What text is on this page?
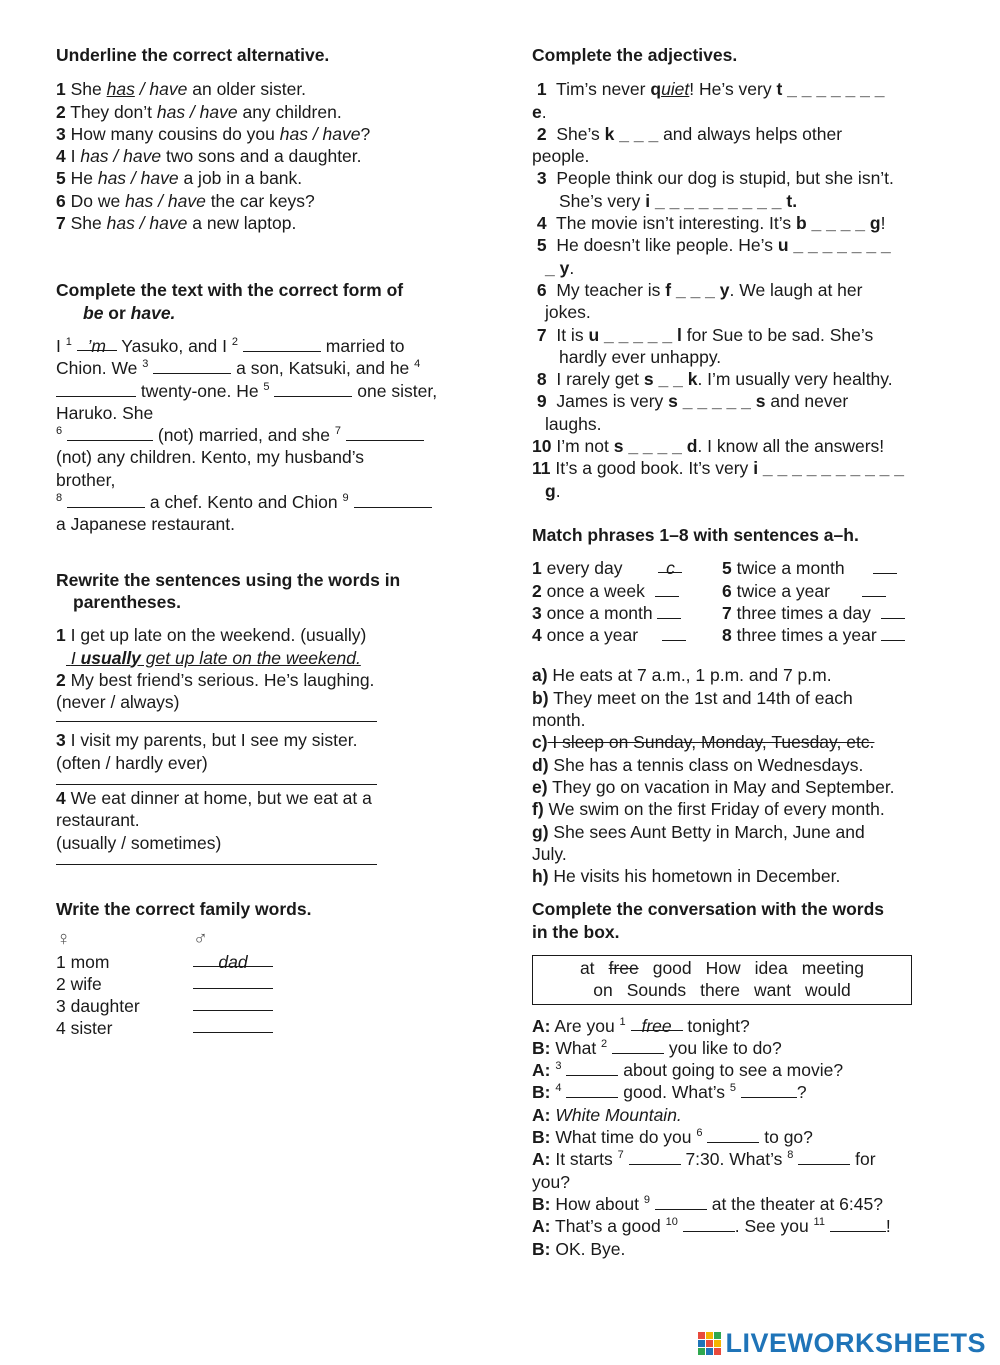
Underline the correct alternative.
1 She has / have an older sister.
2 They don’t has / have any children.
3 How many cousins do you has / have?
4 I has / have two sons and a daughter.
5 He has / have a job in a bank.
6 Do we has / have the car keys?
7 She has / have a new laptop.
Complete the text with the correct form of
be or have.
I $^1$ ’m Yasuko, and I $^2$	married to
Chion. We $^3$	a son, Katsuki, and he $^4$
twenty-one. He $^5$	one sister,
Haruko. She
$^6$	(not) married, and she $^7$
(not) any children. Kento, my husband’s
brother,
$^8$	a chef. Kento and Chion $^9$
a Japanese restaurant.
Rewrite the sentences using the words in
parentheses.
1 I get up late on the weekend. (usually)
I usually get up late on the weekend.
2 My best friend’s serious. He’s laughing.
(never / always)
3 I visit my parents, but I see my sister.
(often / hardly ever)
4 We eat dinner at home, but we eat at a
restaurant.
(usually / sometimes)
Write the correct family words.
♀	♂
1 mom	dad
2 wife
3 daughter
4 sister
Complete the adjectives.
1 Tim’s never quiet! He’s very t _ _ _ _ _ _ _
e.
2 She’s k _ _ _ and always helps other
people.
3 People think our dog is stupid, but she isn’t.
She’s very i _ _ _ _ _ _ _ _ _ t.
4 The movie isn’t interesting. It’s b _ _ _ _ g!
5 He doesn’t like people. He’s u _ _ _ _ _ _ _
_ y.
6 My teacher is f _ _ _ y. We laugh at her
jokes.
7 It is u _ _ _ _ _ l for Sue to be sad. She’s
hardly ever unhappy.
8 I rarely get s _ _ k. I’m usually very healthy.
9 James is very s _ _ _ _ _ s and never
laughs.
10 I’m not s _ _ _ _ d. I know all the answers!
11 It’s a good book. It’s very i _ _ _ _ _ _ _ _ _ _
g.
Match phrases 1–8 with sentences a–h.
1 every day c
2 once a week
3 once a month
4 once a year
5 twice a month
6 twice a year
7 three times a day
8 three times a year
a) He eats at 7 a.m., 1 p.m. and 7 p.m.
b) They meet on the 1st and 14th of each
month.
c) I sleep on Sunday, Monday, Tuesday, etc.
d) She has a tennis class on Wednesdays.
e) They go on vacation in May and September.
f) We swim on the first Friday of every month.
g) She sees Aunt Betty in March, June and
July.
h) He visits his hometown in December.
Complete the conversation with the words
in the box.
at free good How idea meeting
on Sounds there want would
A: Are you $^1$ free tonight?
B: What $^2$	you like to do?
A: $^3$	about going to see a movie?
B: $^4$	good. What’s $^5$	?
A: White Mountain.
B: What time do you $^6$	to go?
A: It starts $^7$	7:30. What’s $^8$	for
you?
B: How about $^9$	at the theater at 6:45?
A: That’s a good $^{10}$	. See you $^{11}$	!
B: OK. Bye.
LIVEWORKSHEETS
